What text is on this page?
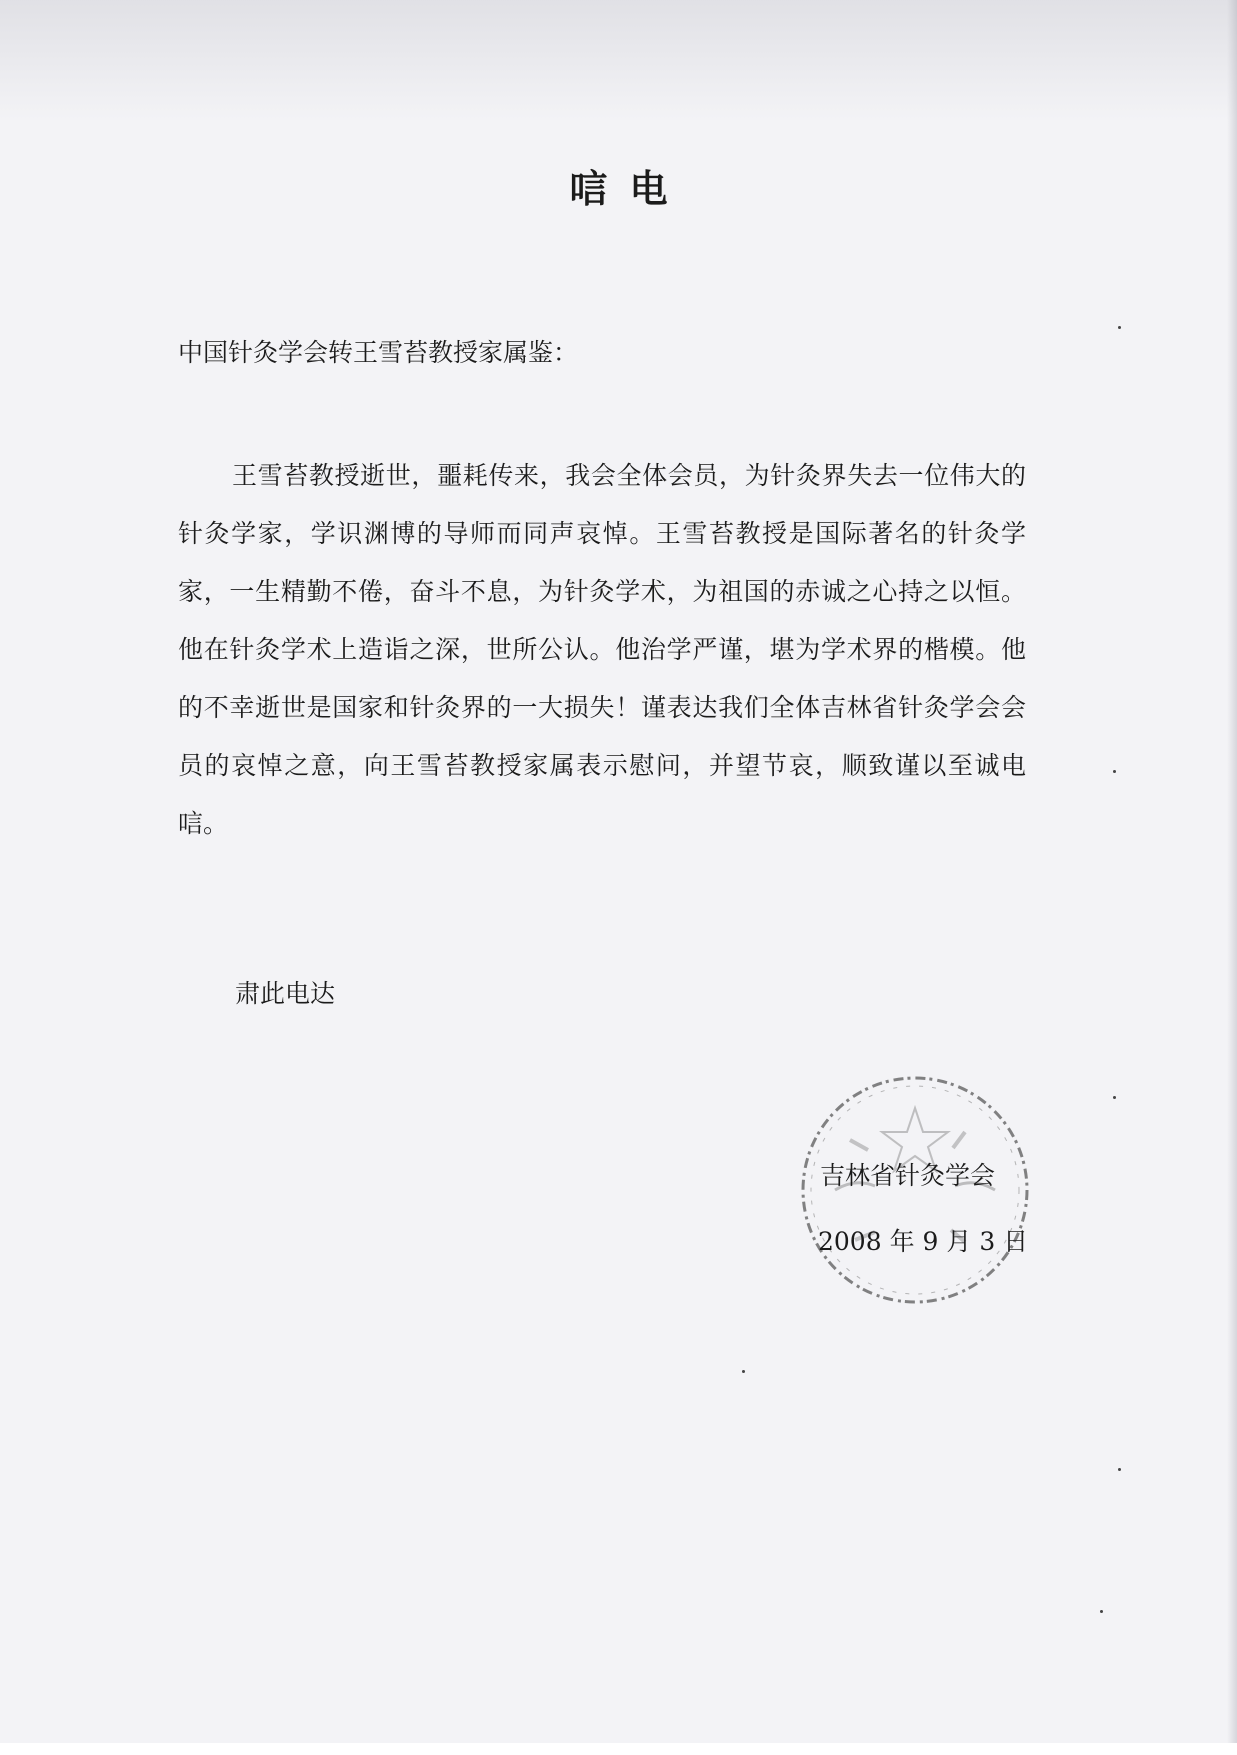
唁电
中国针灸学会转王雪苔教授家属鉴：

王雪苔教授逝世，噩耗传来，我会全体会员，为针灸界失去一位伟大的针灸学家，学识渊博的导师而同声哀悼。王雪苔教授是国际著名的针灸学家，一生精勤不倦，奋斗不息，为针灸学术，为祖国的赤诚之心持之以恒。他在针灸学术上造诣之深，世所公认。他治学严谨，堪为学术界的楷模。他的不幸逝世是国家和针灸界的一大损失！谨表达我们全体吉林省针灸学会会员的哀悼之意，向王雪苔教授家属表示慰问，并望节哀，顺致谨以至诚电唁。

肃此电达
吉林省针灸学会
2008 年 9 月 3 日
